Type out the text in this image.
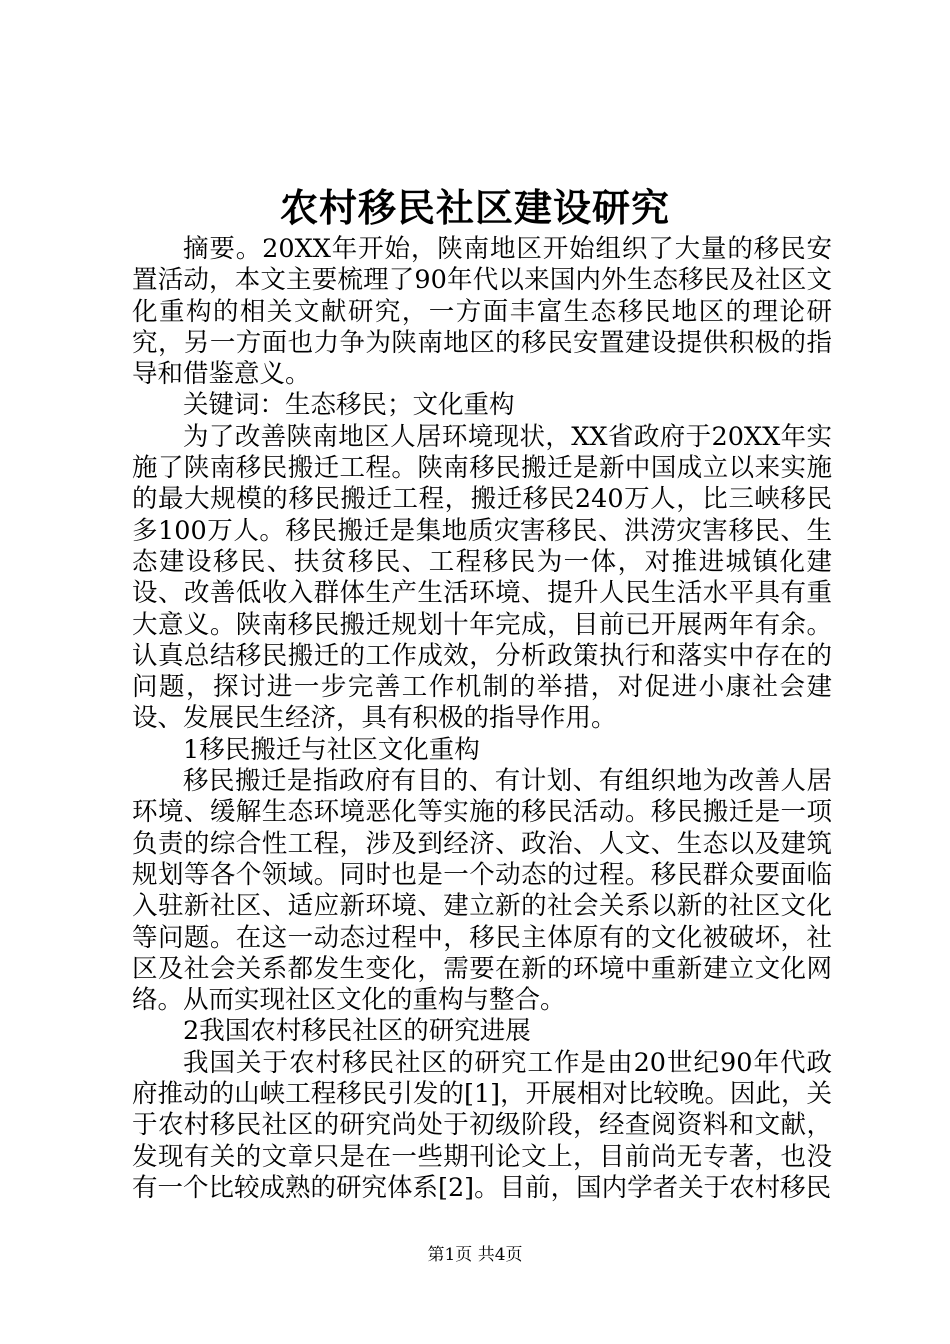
农村移民社区建设研究

摘要。20XX年开始，陕南地区开始组织了大量的移民安置活动，本文主要梳理了90年代以来国内外生态移民及社区文化重构的相关文献研究，一方面丰富生态移民地区的理论研究，另一方面也力争为陕南地区的移民安置建设提供积极的指导和借鉴意义。

关键词：生态移民；文化重构

为了改善陕南地区人居环境现状，XX省政府于20XX年实施了陕南移民搬迁工程。陕南移民搬迁是新中国成立以来实施的最大规模的移民搬迁工程，搬迁移民240万人，比三峡移民多100万人。移民搬迁是集地质灾害移民、洪涝灾害移民、生态建设移民、扶贫移民、工程移民为一体，对推进城镇化建设、改善低收入群体生产生活环境、提升人民生活水平具有重大意义。陕南移民搬迁规划十年完成，目前已开展两年有余。认真总结移民搬迁的工作成效，分析政策执行和落实中存在的问题，探讨进一步完善工作机制的举措，对促进小康社会建设、发展民生经济，具有积极的指导作用。

1移民搬迁与社区文化重构

移民搬迁是指政府有目的、有计划、有组织地为改善人居环境、缓解生态环境恶化等实施的移民活动。移民搬迁是一项负责的综合性工程，涉及到经济、政治、人文、生态以及建筑规划等各个领域。同时也是一个动态的过程。移民群众要面临入驻新社区、适应新环境、建立新的社会关系以新的社区文化等问题。在这一动态过程中，移民主体原有的文化被破坏，社区及社会关系都发生变化，需要在新的环境中重新建立文化网络。从而实现社区文化的重构与整合。

2我国农村移民社区的研究进展

我国关于农村移民社区的研究工作是由20世纪90年代政府推动的山峡工程移民引发的[1]，开展相对比较晚。因此，关于农村移民社区的研究尚处于初级阶段，经查阅资料和文献，发现有关的文章只是在一些期刊论文上，目前尚无专著，也没有一个比较成熟的研究体系[2]。目前，国内学者关于农村移民

第1页 共4页
